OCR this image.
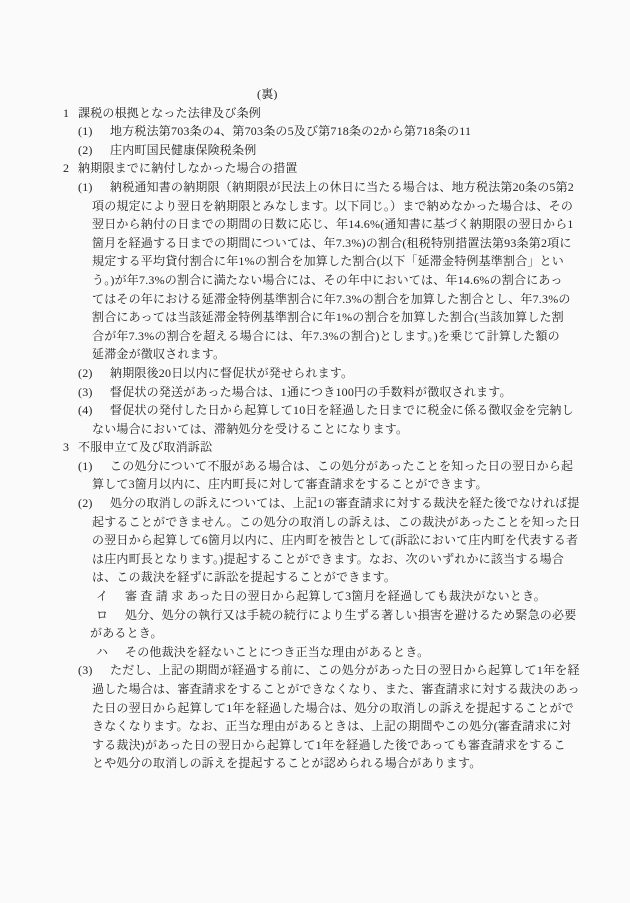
(裏)
1 課税の根拠となった法律及び条例
(1) 地方税法第703条の4、第703条の5及び第718条の2から第718条の11
(2) 庄内町国民健康保険税条例
2 納期限までに納付しなかった場合の措置
(1) 納税通知書の納期限（納期限が民法上の休日に当たる場合は、地方税法第20条の5第2
項の規定により翌日を納期限とみなします。以下同じ。）まで納めなかった場合は、その
翌日から納付の日までの期間の日数に応じ、年14.6%(通知書に基づく納期限の翌日から1
箇月を経過する日までの期間については、年7.3%)の割合(租税特別措置法第93条第2項に
規定する平均貸付割合に年1%の割合を加算した割合(以下「延滞金特例基準割合」とい
う。)が年7.3%の割合に満たない場合には、その年中においては、年14.6%の割合にあっ
てはその年における延滞金特例基準割合に年7.3%の割合を加算した割合とし、年7.3%の
割合にあっては当該延滞金特例基準割合に年1%の割合を加算した割合(当該加算した割
合が年7.3%の割合を超える場合には、年7.3%の割合)とします。)を乗じて計算した額の
延滞金が徴収されます。
(2) 納期限後20日以内に督促状が発せられます。
(3) 督促状の発送があった場合は、1通につき100円の手数料が徴収されます。
(4) 督促状の発付した日から起算して10日を経過した日までに税金に係る徴収金を完納し
ない場合においては、滞納処分を受けることになります。
3 不服申立て及び取消訴訟
(1) この処分について不服がある場合は、この処分があったことを知った日の翌日から起
算して3箇月以内に、庄内町長に対して審査請求をすることができます。
(2) 処分の取消しの訴えについては、上記1の審査請求に対する裁決を経た後でなければ提
起することができません。この処分の取消しの訴えは、この裁決があったことを知った日
の翌日から起算して6箇月以内に、庄内町を被告として(訴訟において庄内町を代表する者
は庄内町長となります。)提起することができます。なお、次のいずれかに該当する場合
は、この裁決を経ずに訴訟を提起することができます。
イ 審 査 請 求 あった日の翌日から起算して3箇月を経過しても裁決がないとき。
ロ 処分、処分の執行又は手続の続行により生ずる著しい損害を避けるため緊急の必要
があるとき。
ハ その他裁決を経ないことにつき正当な理由があるとき。
(3) ただし、上記の期間が経過する前に、この処分があった日の翌日から起算して1年を経
過した場合は、審査請求をすることができなくなり、また、審査請求に対する裁決のあっ
た日の翌日から起算して1年を経過した場合は、処分の取消しの訴えを提起することがで
きなくなります。なお、正当な理由があるときは、上記の期間やこの処分(審査請求に対
する裁決)があった日の翌日から起算して1年を経過した後であっても審査請求をするこ
とや処分の取消しの訴えを提起することが認められる場合があります。
